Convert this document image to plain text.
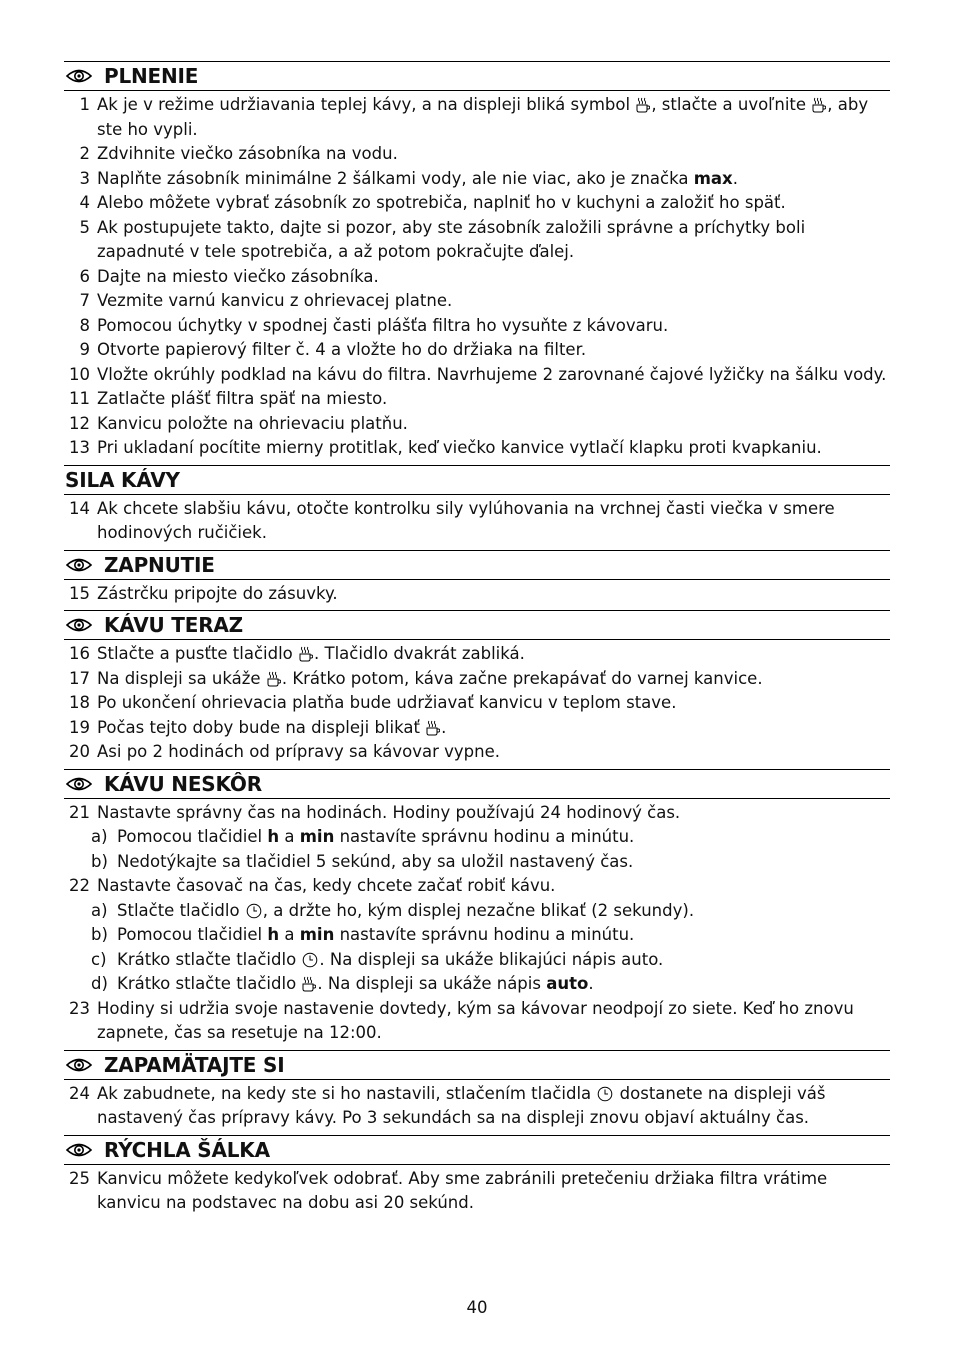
PLNENIE
1 Ak je v režime udržiavania teplej kávy, a na displeji bliká symbol , stlačte a uvoľnite , aby ste ho vypli.
2 Zdvihnite viečko zásobníka na vodu.
3 Naplňte zásobník minimálne 2 šálkami vody, ale nie viac, ako je značka max.
4 Alebo môžete vybrať zásobník zo spotrebiča, naplniť ho v kuchyni a založiť ho späť.
5 Ak postupujete takto, dajte si pozor, aby ste zásobník založili správne a príchytky boli zapadnuté v tele spotrebiča, a až potom pokračujte ďalej.
6 Dajte na miesto viečko zásobníka.
7 Vezmite varnú kanvicu z ohrievacej platne.
8 Pomocou úchytky v spodnej časti plášťa filtra ho vysuňte z kávovaru.
9 Otvorte papierový filter č. 4 a vložte ho do držiaka na filter.
10 Vložte okrúhly podklad na kávu do filtra. Navrhujeme 2 zarovnané čajové lyžičky na šálku vody.
11 Zatlačte plášť filtra späť na miesto.
12 Kanvicu položte na ohrievaciu platňu.
13 Pri ukladaní pocítite mierny protitlak, keď viečko kanvice vytlačí klapku proti kvapkaniu.
SILA KÁVY
14 Ak chcete slabšiu kávu, otočte kontrolku sily vylúhovania na vrchnej časti viečka v smere hodinových ručičiek.
ZAPNUTIE
15 Zástrčku pripojte do zásuvky.
KÁVU TERAZ
16 Stlačte a pusťte tlačidlo . Tlačidlo dvakrát zabliká.
17 Na displeji sa ukáže . Krátko potom, káva začne prekapávať do varnej kanvice.
18 Po ukončení ohrievacia platňa bude udržiavať kanvicu v teplom stave.
19 Počas tejto doby bude na displeji blikať .
20 Asi po 2 hodinách od prípravy sa kávovar vypne.
KÁVU NESKÔR
21 Nastavte správny čas na hodinách. Hodiny používajú 24 hodinový čas.
a) Pomocou tlačidiel h a min nastavíte správnu hodinu a minútu.
b) Nedotýkajte sa tlačidiel 5 sekúnd, aby sa uložil nastavený čas.
22 Nastavte časovač na čas, kedy chcete začať robiť kávu.
a) Stlačte tlačidlo , a držte ho, kým displej nezačne blikať (2 sekundy).
b) Pomocou tlačidiel h a min nastavíte správnu hodinu a minútu.
c) Krátko stlačte tlačidlo . Na displeji sa ukáže blikajúci nápis auto.
d) Krátko stlačte tlačidlo . Na displeji sa ukáže nápis auto.
23 Hodiny si udržia svoje nastavenie dovtedy, kým sa kávovar neodpojí zo siete. Keď ho znovu zapnete, čas sa resetuje na 12:00.
ZAPAMÄTAJTE SI
24 Ak zabudnete, na kedy ste si ho nastavili, stlačením tlačidla  dostanete na displeji váš nastavený čas prípravy kávy. Po 3 sekundách sa na displeji znovu objaví aktuálny čas.
RÝCHLA ŠÁLKA
25 Kanvicu môžete kedykoľvek odobrať. Aby sme zabránili pretečeniu držiaka filtra vrátime kanvicu na podstavec na dobu asi 20 sekúnd.
40
